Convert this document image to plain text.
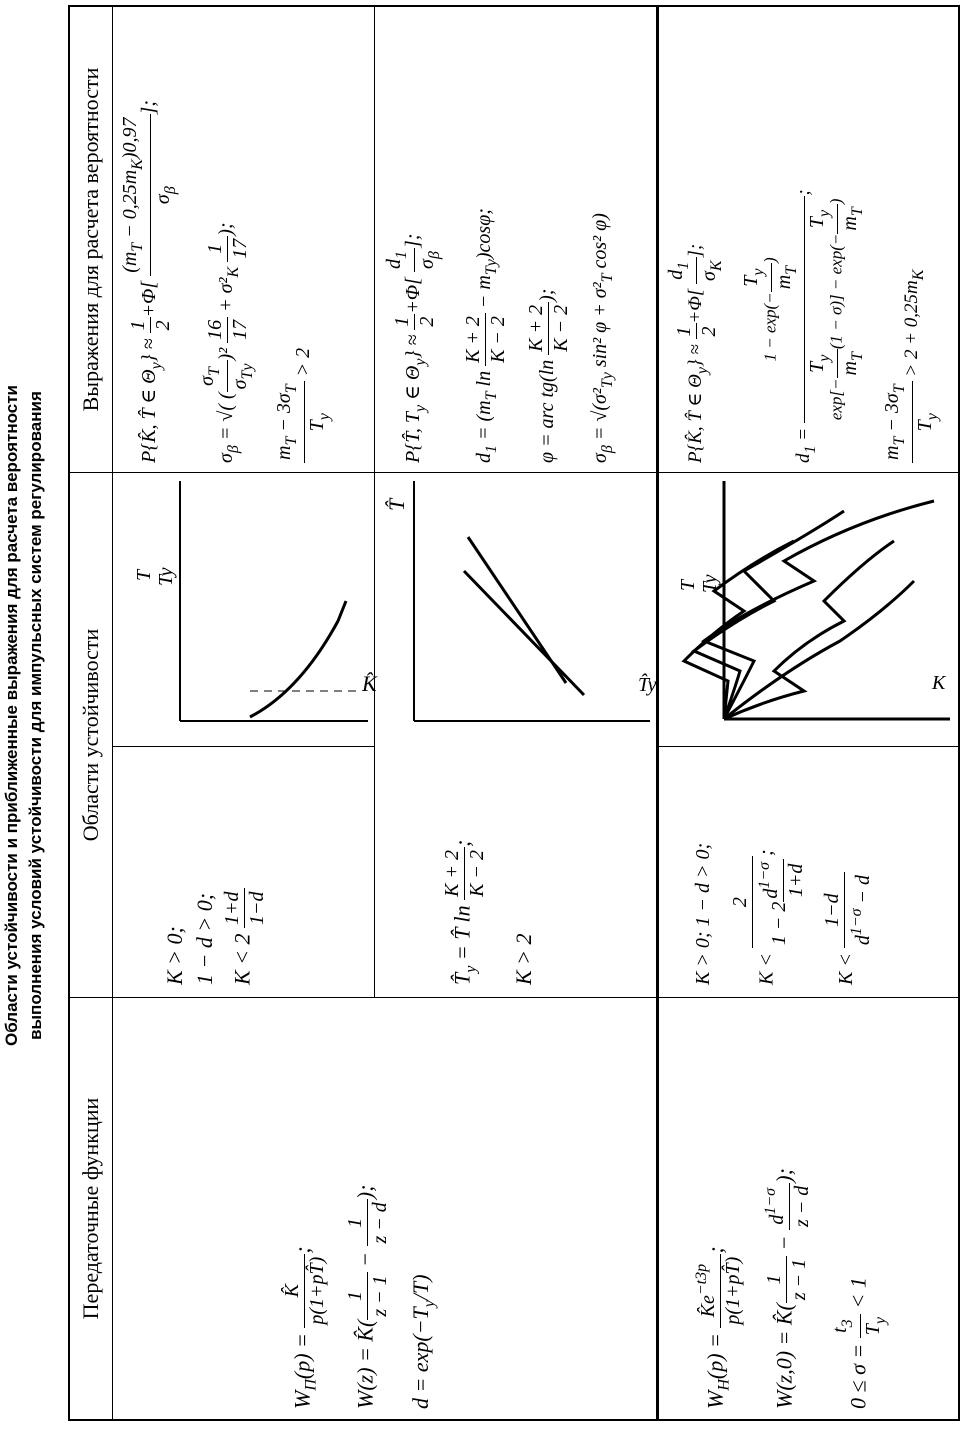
Области устойчивости и приближенные выражения для расчета вероятности выполнения условий устойчивости для импульсных систем регулирования
Передаточные функции
Области устойчивости
Выражения для расчета вероятности
$W_П(p)$ =
K̂ p(1+pT̂)
;
W(z) = K̂(
1 z − 1
−
1 z − d
);
$d = \exp(-T_у/T)$
K > 0; 1 − d > 0; K < 2
1+d 1−d
K̂
T Ty
P{K̂, T̂ ∈ $\Theta_у$} ≈
1 2
+Φ[
$(m_T - 0,25m_K)0,97$
$\sigma_\beta$
];
$\sigma_\beta$ = √( (
$\sigma_T$
$\sigma_{Tу}$
)²
16 17
+ $\sigma^2_K$
1 17
);
$m_T - 3\sigma_T$
$T_у$
> 2
$T̂_у$ = T̂ ln
K + 2 K − 2
;
K > 2
T̂y
T̂
P{T̂, $T_у$ ∈ $\Theta_у$} ≈
1 2
+Φ[
$d_1$
$\sigma_\beta$
];
$d_1 = (m_T$ ln
K + 2 K − 2
− $m_{Tу})\cos\varphi$;
φ = arc tg(ln
K + 2 K − 2
);
$\sigma_\beta = √(\sigma^2_{Tу}$ sin² $\varphi + \sigma^2_T$ cos² φ)
$W_Н(p)$ =
$K̂e^{-t3p}$ p(1+pT̂)
;
W(z,0) = K̂(
1 z − 1
−
$d^{1-\sigma}$ z − d
);
0 ≤ σ =
$t_3$
$T_у$
< 1
K > 0; 1 − d > 0;	K <
2 1 − 2
$d^{1-\sigma}$ 1+d
;
K <
1−d
$d^{1-\sigma} - d$
K
T Ty
P{K̂, T̂ ∈ $\Theta_у$} ≈
1 2
+Φ[
$d_1$
$\sigma_K$
];
$d_1$ =
1 − exp(−
$T_у$
$m_T$
)
exp[−
$T_у$
$m_T$
(1 − σ)] − exp(−
$T_у$
$m_T$
)
;
$m_T - 3\sigma_T$
$T_у$
> $2 + 0,25m_K$
